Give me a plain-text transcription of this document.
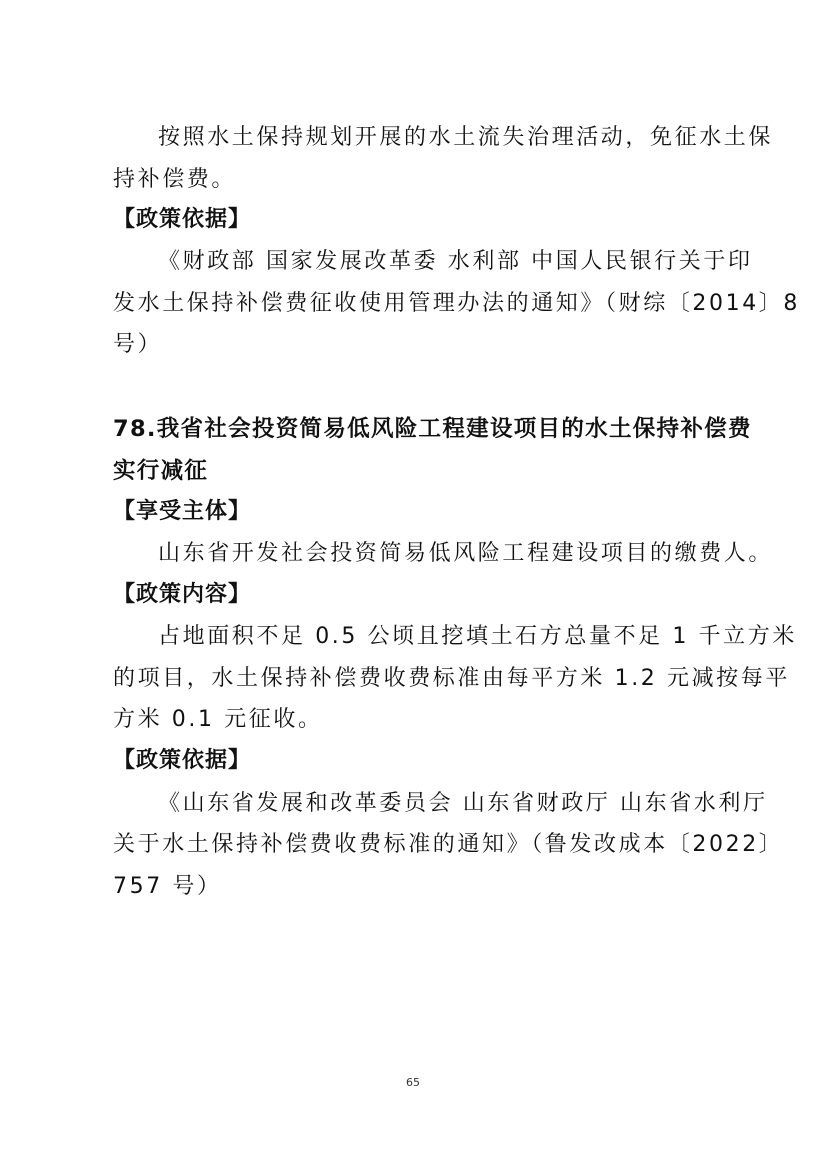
按照水土保持规划开展的水土流失治理活动，免征水土保
持补偿费。
【政策依据】
《财政部 国家发展改革委 水利部 中国人民银行关于印
发水土保持补偿费征收使用管理办法的通知》（财综〔2014〕8
号）
78.我省社会投资简易低风险工程建设项目的水土保持补偿费
实行减征
【享受主体】
山东省开发社会投资简易低风险工程建设项目的缴费人。
【政策内容】
占地面积不足 0.5 公顷且挖填土石方总量不足 1 千立方米
的项目，水土保持补偿费收费标准由每平方米 1.2 元减按每平
方米 0.1 元征收。
【政策依据】
《山东省发展和改革委员会 山东省财政厅 山东省水利厅
关于水土保持补偿费收费标准的通知》（鲁发改成本〔2022〕
757 号）
65
